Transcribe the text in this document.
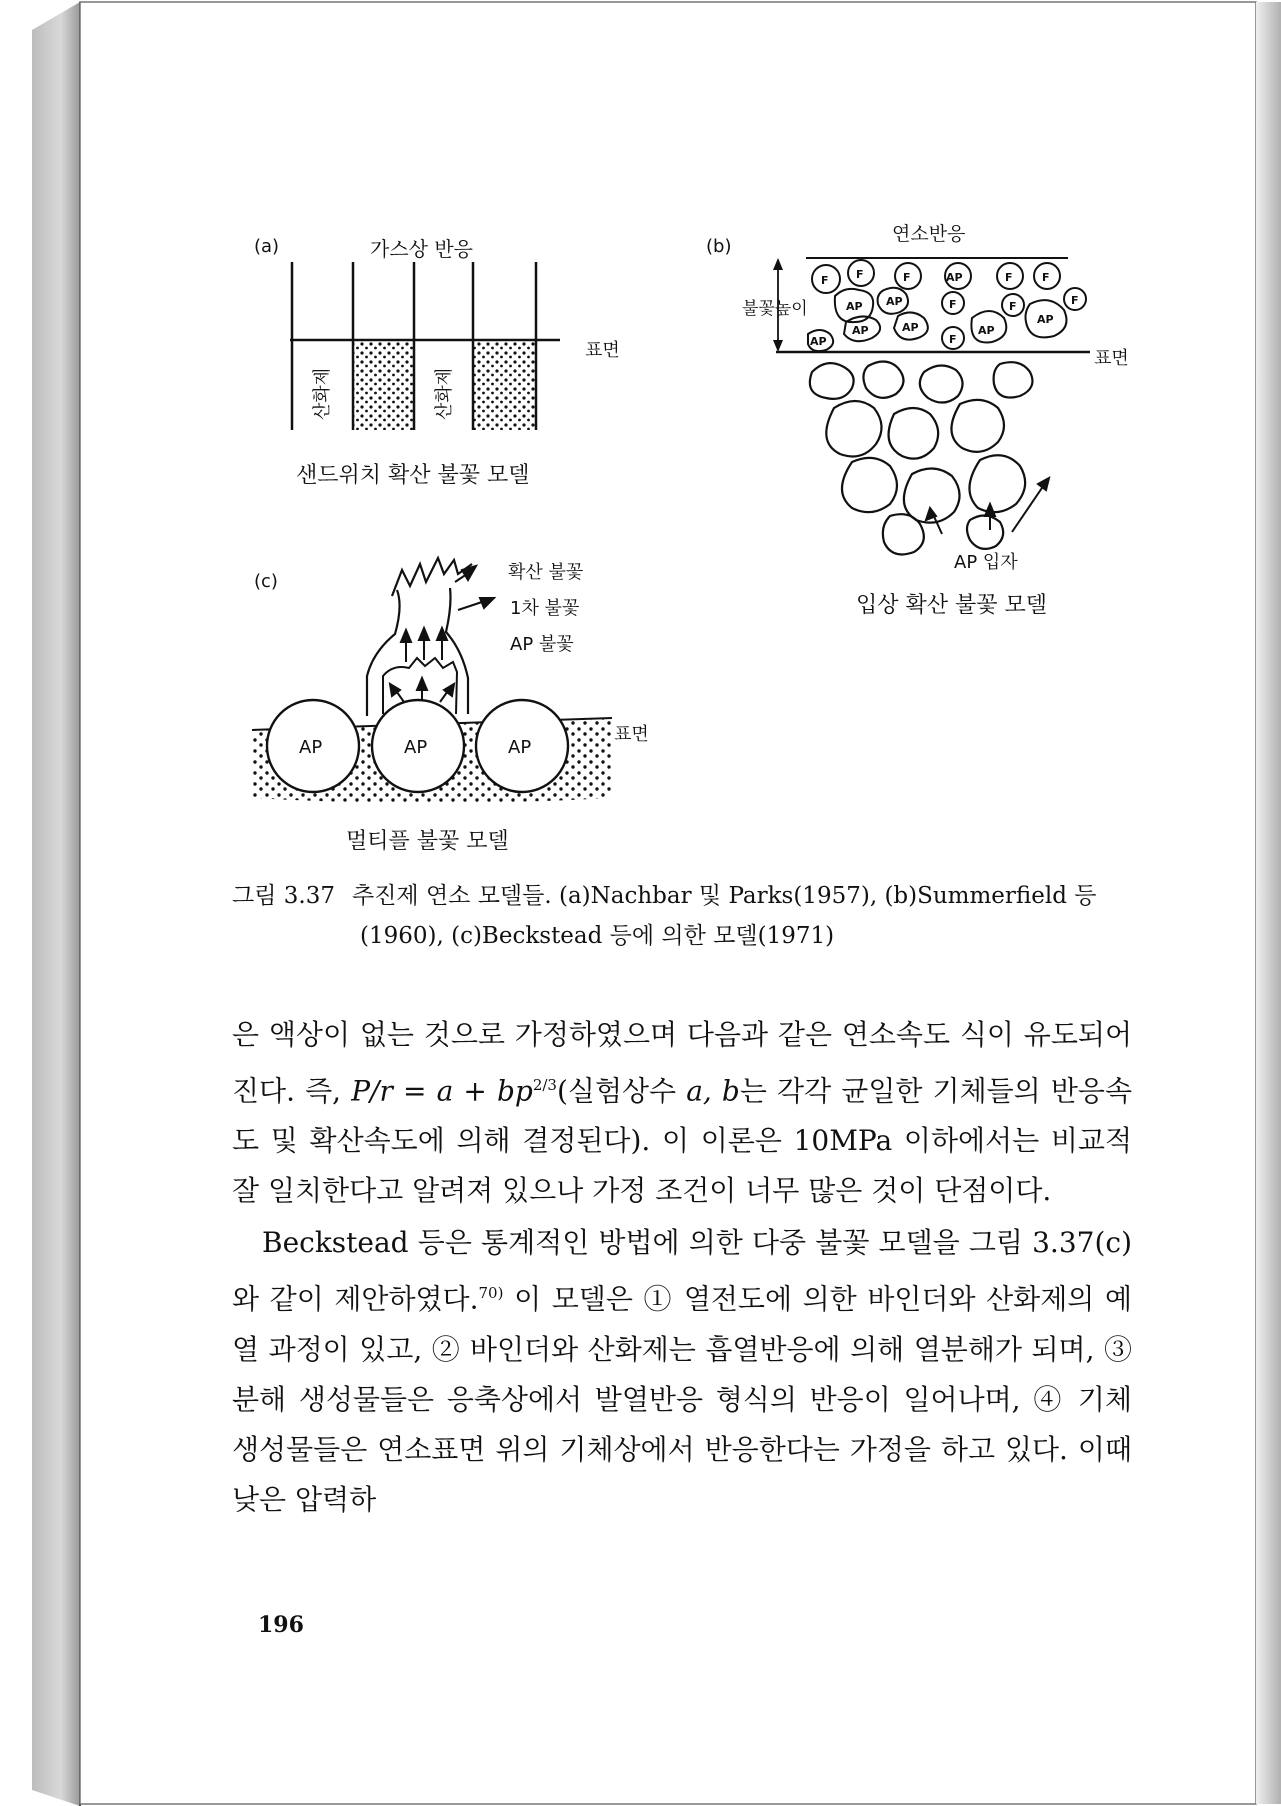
(a)	가스상 반응
표면
산화제	산화제
샌드위치 확산 불꽃 모델
(b)
연소반응
불꽃높이
표면
F F	F	F	F
F
F	F
F
AP
AP AP
AP	AP	AP
AP
AP
AP 입자
입상 확산 불꽃 모델
(c)
AP	AP	AP
확산 불꽃
1차 불꽃
AP 불꽃
표면
멀티플 불꽃 모델
그림 3.37 추진제 연소 모델들. (a)Nachbar 및 Parks(1957), (b)Summerfield 등
(1960), (c)Beckstead 등에 의한 모델(1971)

은 액상이 없는 것으로 가정하였으며 다음과 같은 연소속도 식이 유도되어진다. 즉, $P/r = a + bp^{2/3}$(실험상수 a, b는 각각 균일한 기체들의 반응속도 및 확산속도에 의해 결정된다). 이 이론은 10MPa 이하에서는 비교적 잘 일치한다고 알려져 있으나 가정 조건이 너무 많은 것이 단점이다.

Beckstead 등은 통계적인 방법에 의한 다중 불꽃 모델을 그림 3.37(c)와 같이 제안하였다.$^{70)}$ 이 모델은 ① 열전도에 의한 바인더와 산화제의 예열 과정이 있고, ② 바인더와 산화제는 흡열반응에 의해 열분해가 되며, ③ 분해 생성물들은 응축상에서 발열반응 형식의 반응이 일어나며, ④ 기체 생성물들은 연소표면 위의 기체상에서 반응한다는 가정을 하고 있다. 이때 낮은 압력하

196
